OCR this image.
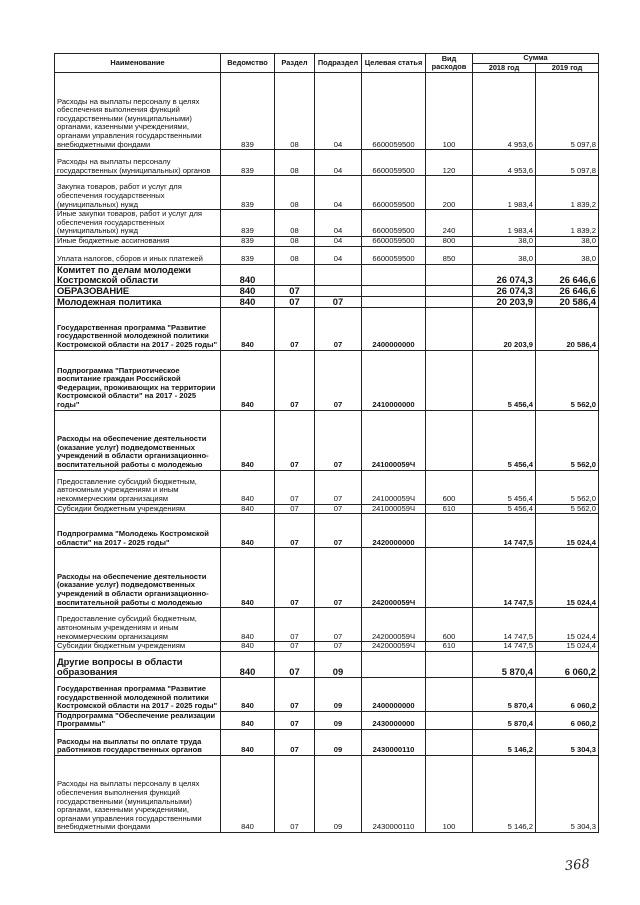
Наименование	Ведомство	Раздел	Подраздел	Целевая статья	Вид расходов	Сумма	
						2018 год	2019 год
Расходы на выплаты персоналу в целях обеспечения выполнения функций государственными (муниципальными) органами, казенными учреждениями, органами управления государственными внебюджетными фондами	839	08	04	6600059500	100	4 953,6	5 097,8
Расходы на выплаты персоналу государственных (муниципальных) органов	839	08	04	6600059500	120	4 953,6	5 097,8
Закупка товаров, работ и услуг для обеспечения государственных (муниципальных) нужд	839	08	04	6600059500	200	1 983,4	1 839,2
Иные закупки товаров, работ и услуг для обеспечения государственных (муниципальных) нужд	839	08	04	6600059500	240	1 983,4	1 839,2
Иные бюджетные ассигнования	839	08	04	6600059500	800	38,0	38,0
Уплата налогов, сборов и иных платежей	839	08	04	6600059500	850	38,0	38,0
Комитет по делам молодежи Костромской области	840					26 074,3	26 646,6
ОБРАЗОВАНИЕ	840	07				26 074,3	26 646,6
Молодежная политика	840	07	07			20 203,9	20 586,4
Государственная программа "Развитие государственной молодежной политики Костромской области на 2017 - 2025 годы"	840	07	07	2400000000		20 203,9	20 586,4
Подпрограмма "Патриотическое воспитание граждан Российской Федерации, проживающих на территории Костромской области" на 2017 - 2025 годы"	840	07	07	2410000000		5 456,4	5 562,0
Расходы на обеспечение деятельности (оказание услуг) подведомственных учреждений в области организационно-воспитательной работы с молодежью	840	07	07	241000059Ч		5 456,4	5 562,0
Предоставление субсидий бюджетным, автономным учреждениям и иным некоммерческим организациям	840	07	07	241000059Ч	600	5 456,4	5 562,0
Субсидии бюджетным учреждениям	840	07	07	241000059Ч	610	5 456,4	5 562,0
Подпрограмма "Молодежь Костромской области" на 2017 - 2025 годы"	840	07	07	2420000000		14 747,5	15 024,4
Расходы на обеспечение деятельности (оказание услуг) подведомственных учреждений в области организационно-воспитательной работы с молодежью	840	07	07	242000059Ч		14 747,5	15 024,4
Предоставление субсидий бюджетным, автономным учреждениям и иным некоммерческим организациям	840	07	07	242000059Ч	600	14 747,5	15 024,4
Субсидии бюджетным учреждениям	840	07	07	242000059Ч	610	14 747,5	15 024,4
Другие вопросы в области образования	840	07	09			5 870,4	6 060,2
Государственная программа "Развитие государственной молодежной политики Костромской области на 2017 - 2025 годы"	840	07	09	2400000000		5 870,4	6 060,2
Подпрограмма "Обеспечение реализации Программы"	840	07	09	2430000000		5 870,4	6 060,2
Расходы на выплаты по оплате труда работников государственных органов	840	07	09	2430000110		5 146,2	5 304,3
Расходы на выплаты персоналу в целях обеспечения выполнения функций государственными (муниципальными) органами, казенными учреждениями, органами управления государственными внебюджетными фондами	840	07	09	2430000110	100	5 146,2	5 304,3
368
